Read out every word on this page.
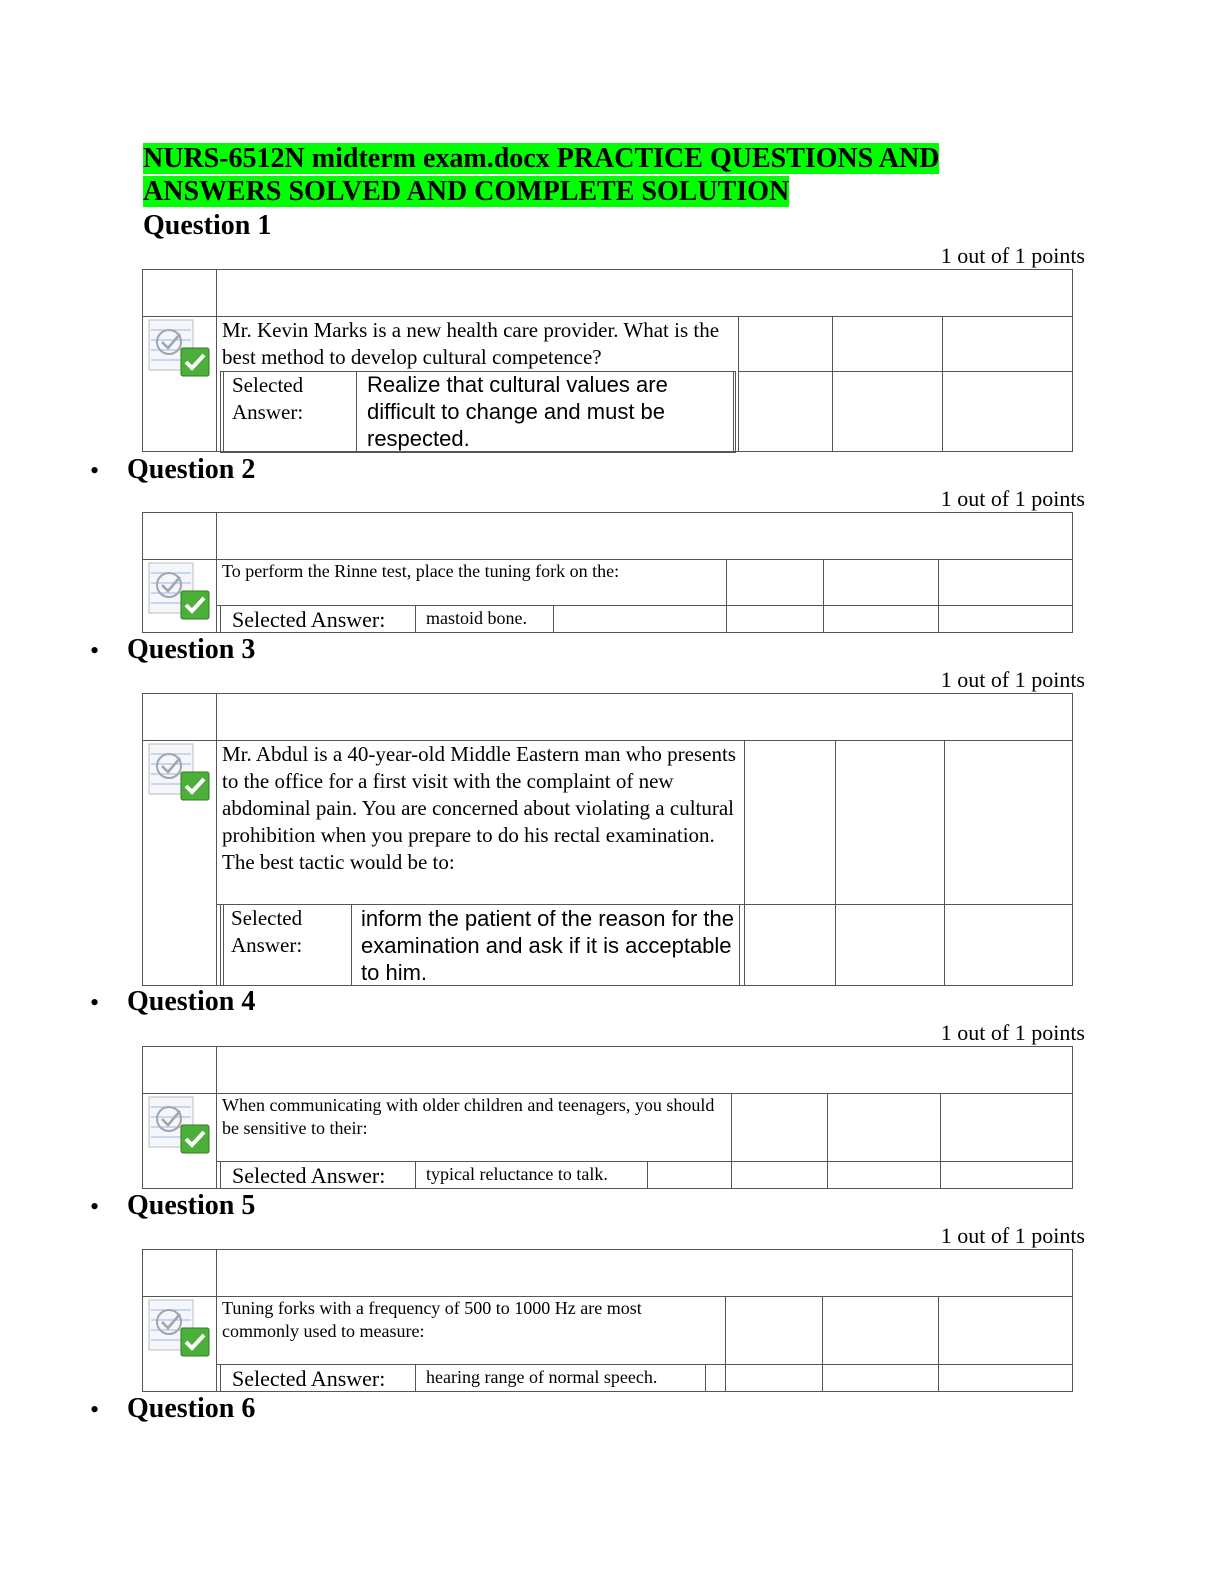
NURS-6512N midterm exam.docx PRACTICE QUESTIONS AND
ANSWERS SOLVED AND COMPLETE SOLUTION
Question 1
1 out of 1 points
Mr. Kevin Marks is a new health care provider. What is the best method to develop cultural competence?
Selected
Answer:
Realize that cultural values are difficult to change and must be respected.
• Question 2
1 out of 1 points
To perform the Rinne test, place the tuning fork on the:
Selected Answer: mastoid bone.
• Question 3
1 out of 1 points
Mr. Abdul is a 40-year-old Middle Eastern man who presents to the office for a first visit with the complaint of new abdominal pain. You are concerned about violating a cultural prohibition when you prepare to do his rectal examination. The best tactic would be to:
Selected
Answer:
inform the patient of the reason for the examination and ask if it is acceptable to him.
• Question 4
1 out of 1 points
When communicating with older children and teenagers, you should be sensitive to their:
Selected Answer: typical reluctance to talk.
• Question 5
1 out of 1 points
Tuning forks with a frequency of 500 to 1000 Hz are most commonly used to measure:
Selected Answer: hearing range of normal speech.
• Question 6
